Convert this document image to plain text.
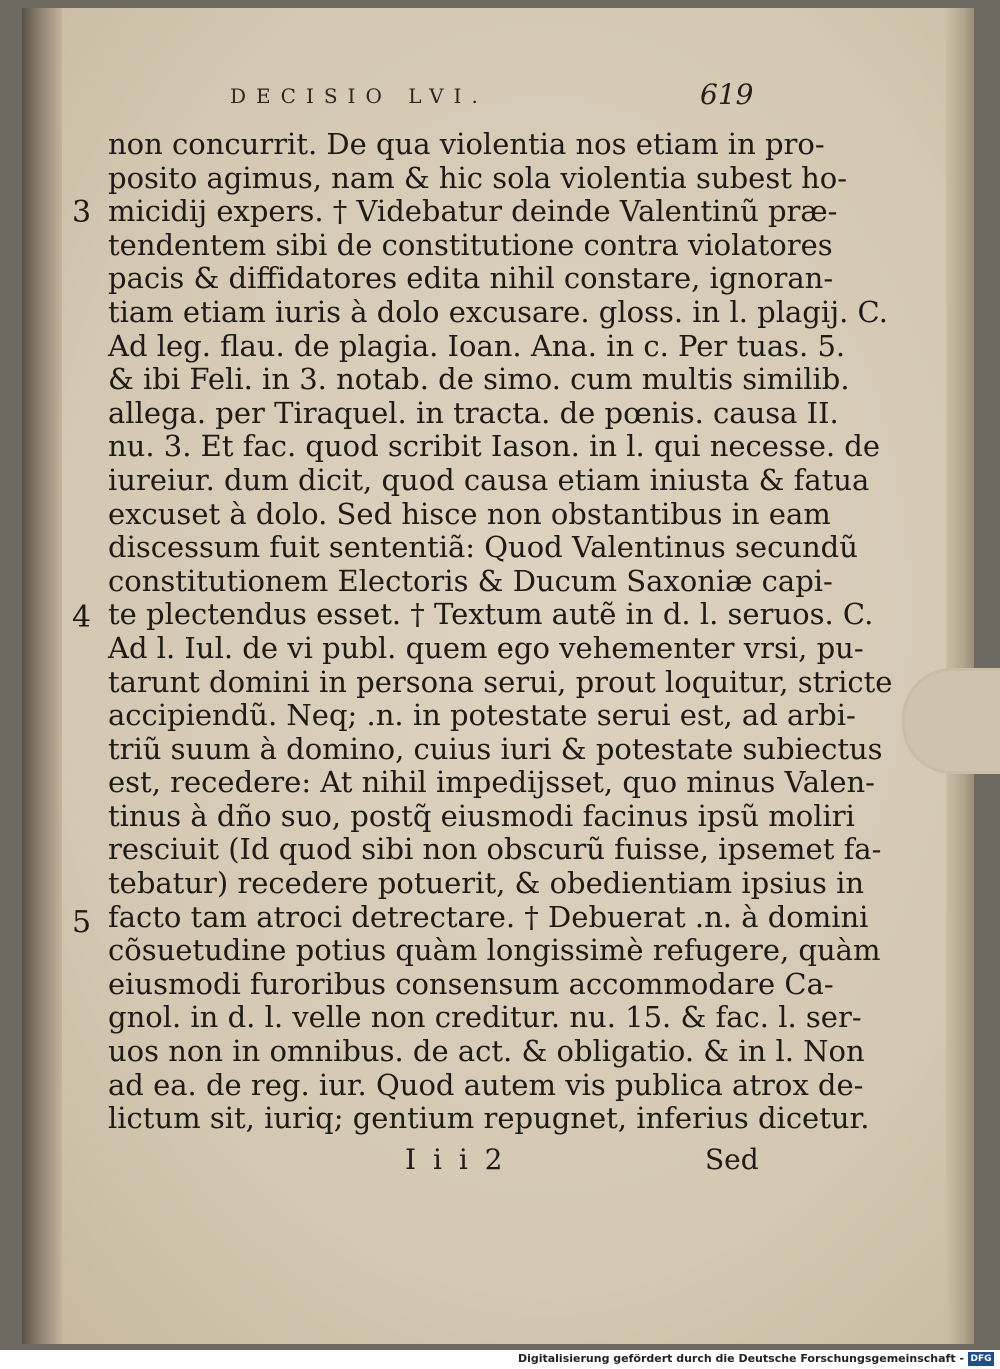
DECISIO LVI.	619
3
4
5
non concurrit. De qua violentia nos etiam in pro-
posito agimus, nam & hic sola violentia subest ho-
micidij expers. † Videbatur deinde Valentinũ præ-
tendentem sibi de constitutione contra violatores
pacis & diffidatores edita nihil constare, ignoran-
tiam etiam iuris à dolo excusare. gloss. in l. plagij. C.
Ad leg. flau. de plagia. Ioan. Ana. in c. Per tuas. 5.
& ibi Feli. in 3. notab. de simo. cum multis similib.
allega. per Tiraquel. in tracta. de pœnis. causa II.
nu. 3. Et fac. quod scribit Iason. in l. qui necesse. de
iureiur. dum dicit, quod causa etiam iniusta & fatua
excuset à dolo. Sed hisce non obstantibus in eam
discessum fuit sententiã: Quod Valentinus secundũ
constitutionem Electoris & Ducum Saxoniæ capi-
te plectendus esset. † Textum autẽ in d. l. seruos. C.
Ad l. Iul. de vi publ. quem ego vehementer vrsi, pu-
tarunt domini in persona serui, prout loquitur, stricte
accipiendũ. Neq; .n. in potestate serui est, ad arbi-
triũ suum à domino, cuius iuri & potestate subiectus
est, recedere: At nihil impedijsset, quo minus Valen-
tinus à dño suo, postq̃ eiusmodi facinus ipsũ moliri
resciuit (Id quod sibi non obscurũ fuisse, ipsemet fa-
tebatur) recedere potuerit, & obedientiam ipsius in
facto tam atroci detrectare. † Debuerat .n. à domini
cõsuetudine potius quàm longissimè refugere, quàm
eiusmodi furoribus consensum accommodare Ca-
gnol. in d. l. velle non creditur. nu. 15. & fac. l. ser-
uos non in omnibus. de act. & obligatio. & in l. Non
ad ea. de reg. iur. Quod autem vis publica atrox de-
lictum sit, iuriq; gentium repugnet, inferius dicetur.
I i i 2	Sed
Digitalisierung gefördert durch die Deutsche Forschungsgemeinschaft - DFG
